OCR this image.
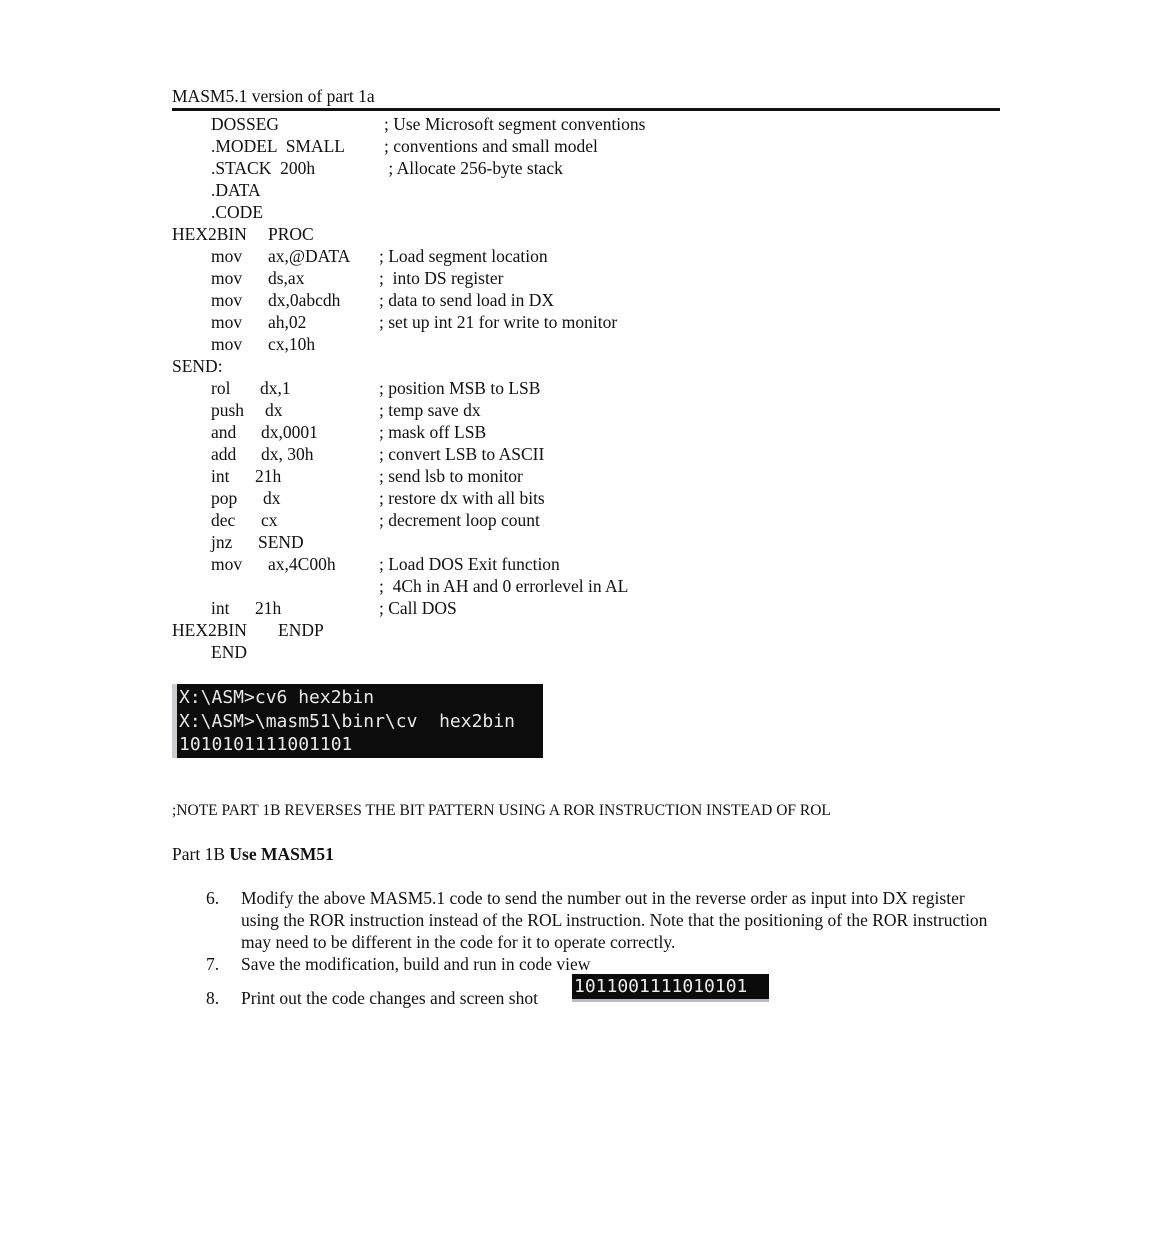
MASM5.1 version of part 1a
DOSSEG	; Use Microsoft segment conventions
.MODEL  SMALL ; conventions and small model
.STACK  200h	; Allocate 256-byte stack
.DATA
.CODE
HEX2BIN PROC
mov ax,@DATA ; Load segment location
mov ds,ax	;  into DS register
mov dx,0abcdh ; data to send load in DX
mov ah,02	; set up int 21 for write to monitor
mov cx,10h
SEND:
rol dx,1	; position MSB to LSB
push dx	; temp save dx
and dx,0001	; mask off LSB
add dx, 30h	; convert LSB to ASCII
int 21h	; send lsb to monitor
pop dx	; restore dx with all bits
dec cx	; decrement loop count
jnz SEND
mov ax,4C00h ; Load DOS Exit function
;  4Ch in AH and 0 errorlevel in AL
int 21h	; Call DOS
HEX2BIN ENDP
END
X:\ASM>cv6 hex2bin
X:\ASM>\masm51\binr\cv  hex2bin
1010101111001101
;NOTE PART 1B REVERSES THE BIT PATTERN USING A ROR INSTRUCTION INSTEAD OF ROL
Part 1B Use MASM51
6. Modify the above MASM5.1 code to send the number out in the reverse order as input into DX register using the ROR instruction instead of the ROL instruction. Note that the positioning of the ROR instruction may need to be different in the code for it to operate correctly.
7. Save the modification, build and run in code view
8. Print out the code changes and screen shot
1011001111010101
